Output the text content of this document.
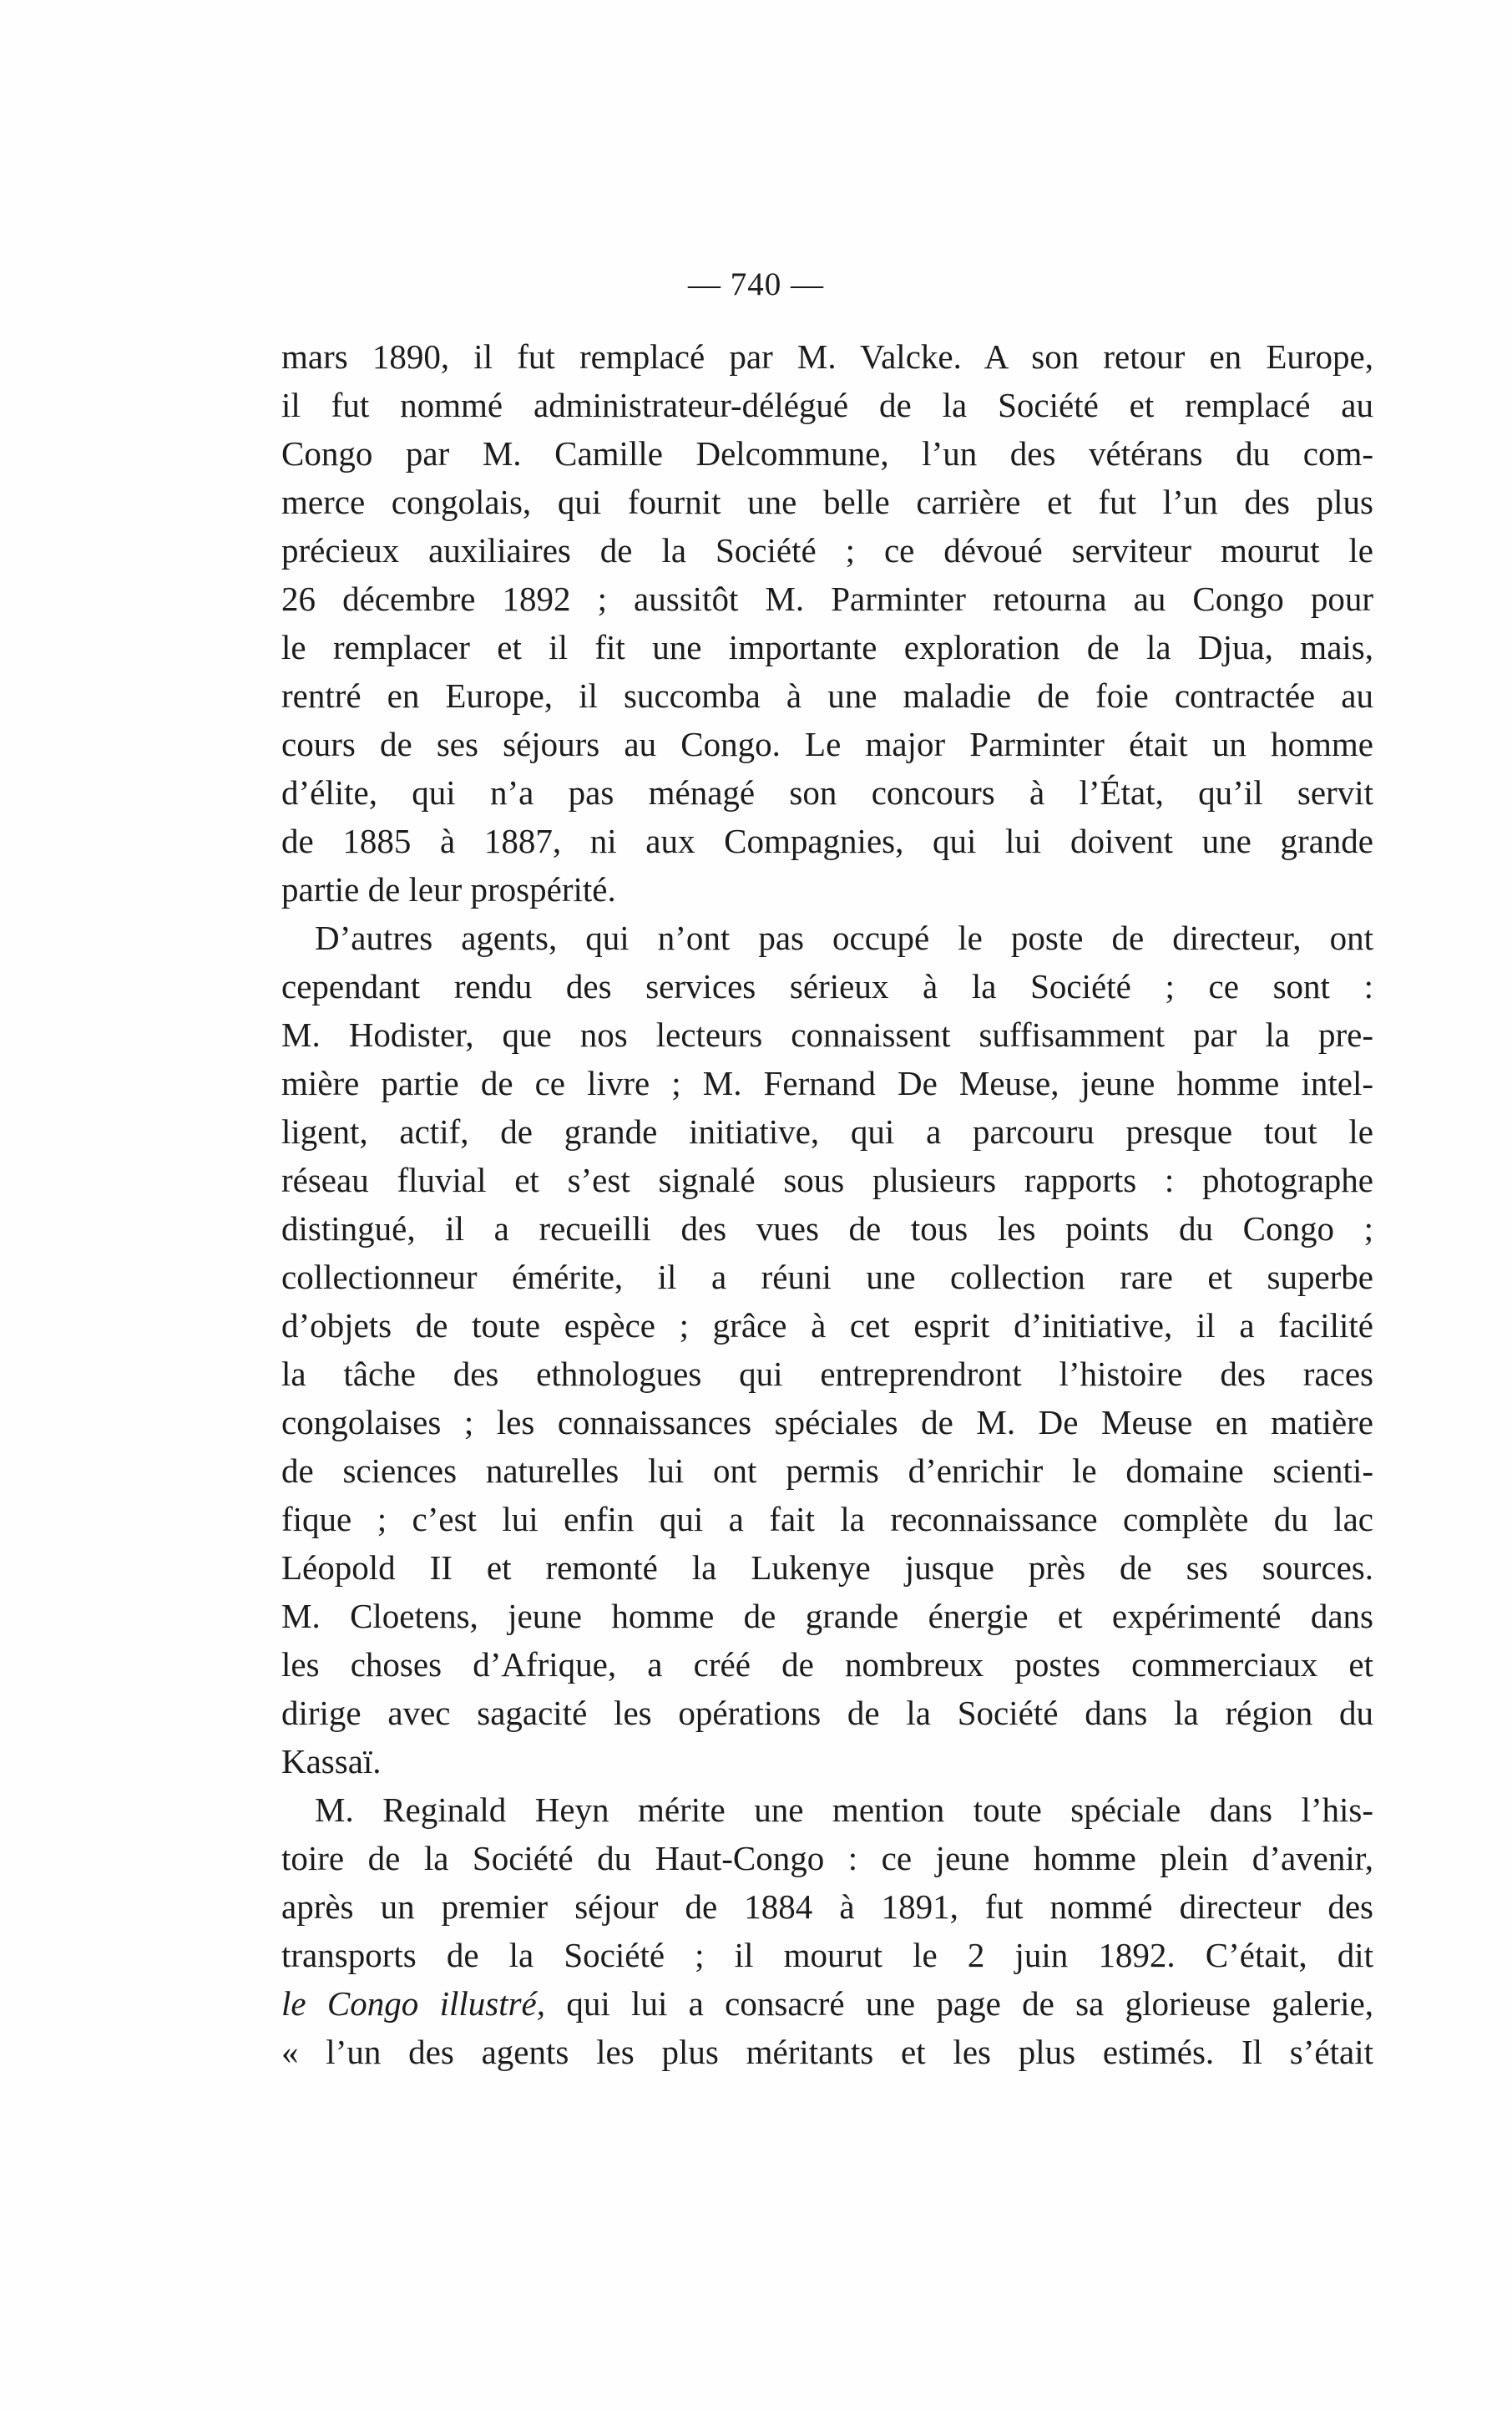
— 740 —
mars 1890, il fut remplacé par M. Valcke. A son retour en Europe,
il fut nommé administrateur-délégué de la Société et remplacé au
Congo par M. Camille Delcommune, l’un des vétérans du com-
merce congolais, qui fournit une belle carrière et fut l’un des plus
précieux auxiliaires de la Société ; ce dévoué serviteur mourut le
26 décembre 1892 ; aussitôt M. Parminter retourna au Congo pour
le remplacer et il fit une importante exploration de la Djua, mais,
rentré en Europe, il succomba à une maladie de foie contractée au
cours de ses séjours au Congo. Le major Parminter était un homme
d’élite, qui n’a pas ménagé son concours à l’État, qu’il servit
de 1885 à 1887, ni aux Compagnies, qui lui doivent une grande
partie de leur prospérité.
D’autres agents, qui n’ont pas occupé le poste de directeur, ont
cependant rendu des services sérieux à la Société ; ce sont :
M. Hodister, que nos lecteurs connaissent suffisamment par la pre-
mière partie de ce livre ; M. Fernand De Meuse, jeune homme intel-
ligent, actif, de grande initiative, qui a parcouru presque tout le
réseau fluvial et s’est signalé sous plusieurs rapports : photographe
distingué, il a recueilli des vues de tous les points du Congo ;
collectionneur émérite, il a réuni une collection rare et superbe
d’objets de toute espèce ; grâce à cet esprit d’initiative, il a facilité
la tâche des ethnologues qui entreprendront l’histoire des races
congolaises ; les connaissances spéciales de M. De Meuse en matière
de sciences naturelles lui ont permis d’enrichir le domaine scienti-
fique ; c’est lui enfin qui a fait la reconnaissance complète du lac
Léopold II et remonté la Lukenye jusque près de ses sources.
M. Cloetens, jeune homme de grande énergie et expérimenté dans
les choses d’Afrique, a créé de nombreux postes commerciaux et
dirige avec sagacité les opérations de la Société dans la région du
Kassaï.
M. Reginald Heyn mérite une mention toute spéciale dans l’his-
toire de la Société du Haut-Congo : ce jeune homme plein d’avenir,
après un premier séjour de 1884 à 1891, fut nommé directeur des
transports de la Société ; il mourut le 2 juin 1892. C’était, dit
le Congo illustré, qui lui a consacré une page de sa glorieuse galerie,
« l’un des agents les plus méritants et les plus estimés. Il s’était
